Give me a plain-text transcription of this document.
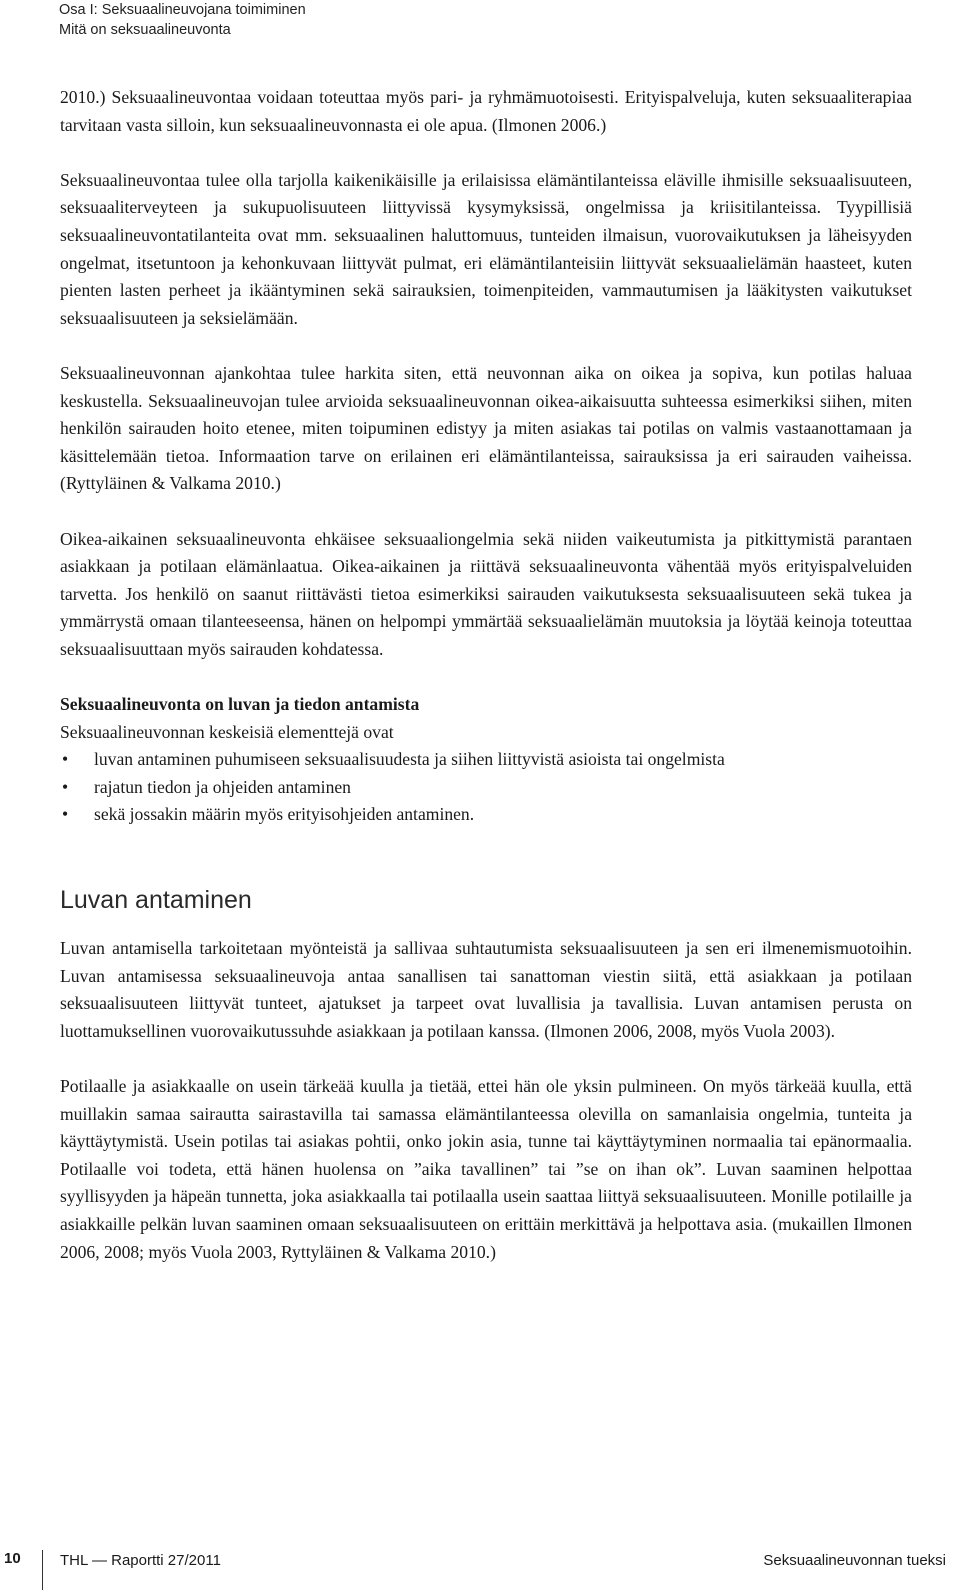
Osa I: Seksuaalineuvojana toimiminen
Mitä on seksuaalineuvonta

2010.) Seksuaalineuvontaa voidaan toteuttaa myös pari- ja ryhmämuotoisesti. Erityispalveluja, kuten seksuaaliterapiaa tarvitaan vasta silloin, kun seksuaalineuvonnasta ei ole apua. (Ilmonen 2006.)

Seksuaalineuvontaa tulee olla tarjolla kaikenikäisille ja erilaisissa elämäntilanteissa eläville ihmisille seksuaalisuuteen, seksuaaliterveyteen ja sukupuolisuuteen liittyvissä kysymyksissä, ongelmissa ja kriisitilanteissa. Tyypillisiä seksuaalineuvontatilanteita ovat mm. seksuaalinen haluttomuus, tunteiden ilmaisun, vuorovaikutuksen ja läheisyyden ongelmat, itsetuntoon ja kehonkuvaan liittyvät pulmat, eri elämäntilanteisiin liittyvät seksuaalielämän haasteet, kuten pienten lasten perheet ja ikääntyminen sekä sairauksien, toimenpiteiden, vammautumisen ja lääkitysten vaikutukset seksuaalisuuteen ja seksielämään.

Seksuaalineuvonnan ajankohtaa tulee harkita siten, että neuvonnan aika on oikea ja sopiva, kun potilas haluaa keskustella. Seksuaalineuvojan tulee arvioida seksuaalineuvonnan oikea-aikaisuutta suhteessa esimerkiksi siihen, miten henkilön sairauden hoito etenee, miten toipuminen edistyy ja miten asiakas tai potilas on valmis vastaanottamaan ja käsittelemään tietoa. Informaation tarve on erilainen eri elämäntilanteissa, sairauksissa ja eri sairauden vaiheissa. (Ryttyläinen & Valkama 2010.)

Oikea-aikainen seksuaalineuvonta ehkäisee seksuaaliongelmia sekä niiden vaikeutumista ja pitkittymistä parantaen asiakkaan ja potilaan elämänlaatua. Oikea-aikainen ja riittävä seksuaalineuvonta vähentää myös erityispalveluiden tarvetta. Jos henkilö on saanut riittävästi tietoa esimerkiksi sairauden vaikutuksesta seksuaalisuuteen sekä tukea ja ymmärrystä omaan tilanteeseensa, hänen on helpompi ymmärtää seksuaalielämän muutoksia ja löytää keinoja toteuttaa seksuaalisuuttaan myös sairauden kohdatessa.

Seksuaalineuvonta on luvan ja tiedon antamista

Seksuaalineuvonnan keskeisiä elementtejä ovat

• luvan antaminen puhumiseen seksuaalisuudesta ja siihen liittyvistä asioista tai ongelmista
• rajatun tiedon ja ohjeiden antaminen
• sekä jossakin määrin myös erityisohjeiden antaminen.
Luvan antaminen

Luvan antamisella tarkoitetaan myönteistä ja sallivaa suhtautumista seksuaalisuuteen ja sen eri ilmenemismuotoihin. Luvan antamisessa seksuaalineuvoja antaa sanallisen tai sanattoman viestin siitä, että asiakkaan ja potilaan seksuaalisuuteen liittyvät tunteet, ajatukset ja tarpeet ovat luvallisia ja tavallisia. Luvan antamisen perusta on luottamuksellinen vuorovaikutussuhde asiakkaan ja potilaan kanssa. (Ilmonen 2006, 2008, myös Vuola 2003).

Potilaalle ja asiakkaalle on usein tärkeää kuulla ja tietää, ettei hän ole yksin pulmineen. On myös tärkeää kuulla, että muillakin samaa sairautta sairastavilla tai samassa elämäntilanteessa olevilla on samanlaisia ongelmia, tunteita ja käyttäytymistä. Usein potilas tai asiakas pohtii, onko jokin asia, tunne tai käyttäytyminen normaalia tai epänormaalia. Potilaalle voi todeta, että hänen huolensa on ”aika tavallinen” tai ”se on ihan ok”. Luvan saaminen helpottaa syyllisyyden ja häpeän tunnetta, joka asiakkaalla tai potilaalla usein saattaa liittyä seksuaalisuuteen. Monille potilaille ja asiakkaille pelkän luvan saaminen omaan seksuaalisuuteen on erittäin merkittävä ja helpottava asia. (mukaillen Ilmonen 2006, 2008; myös Vuola 2003, Ryttyläinen & Valkama 2010.)

10	THL — Raportti 27/2011	Seksuaalineuvonnan tueksi
